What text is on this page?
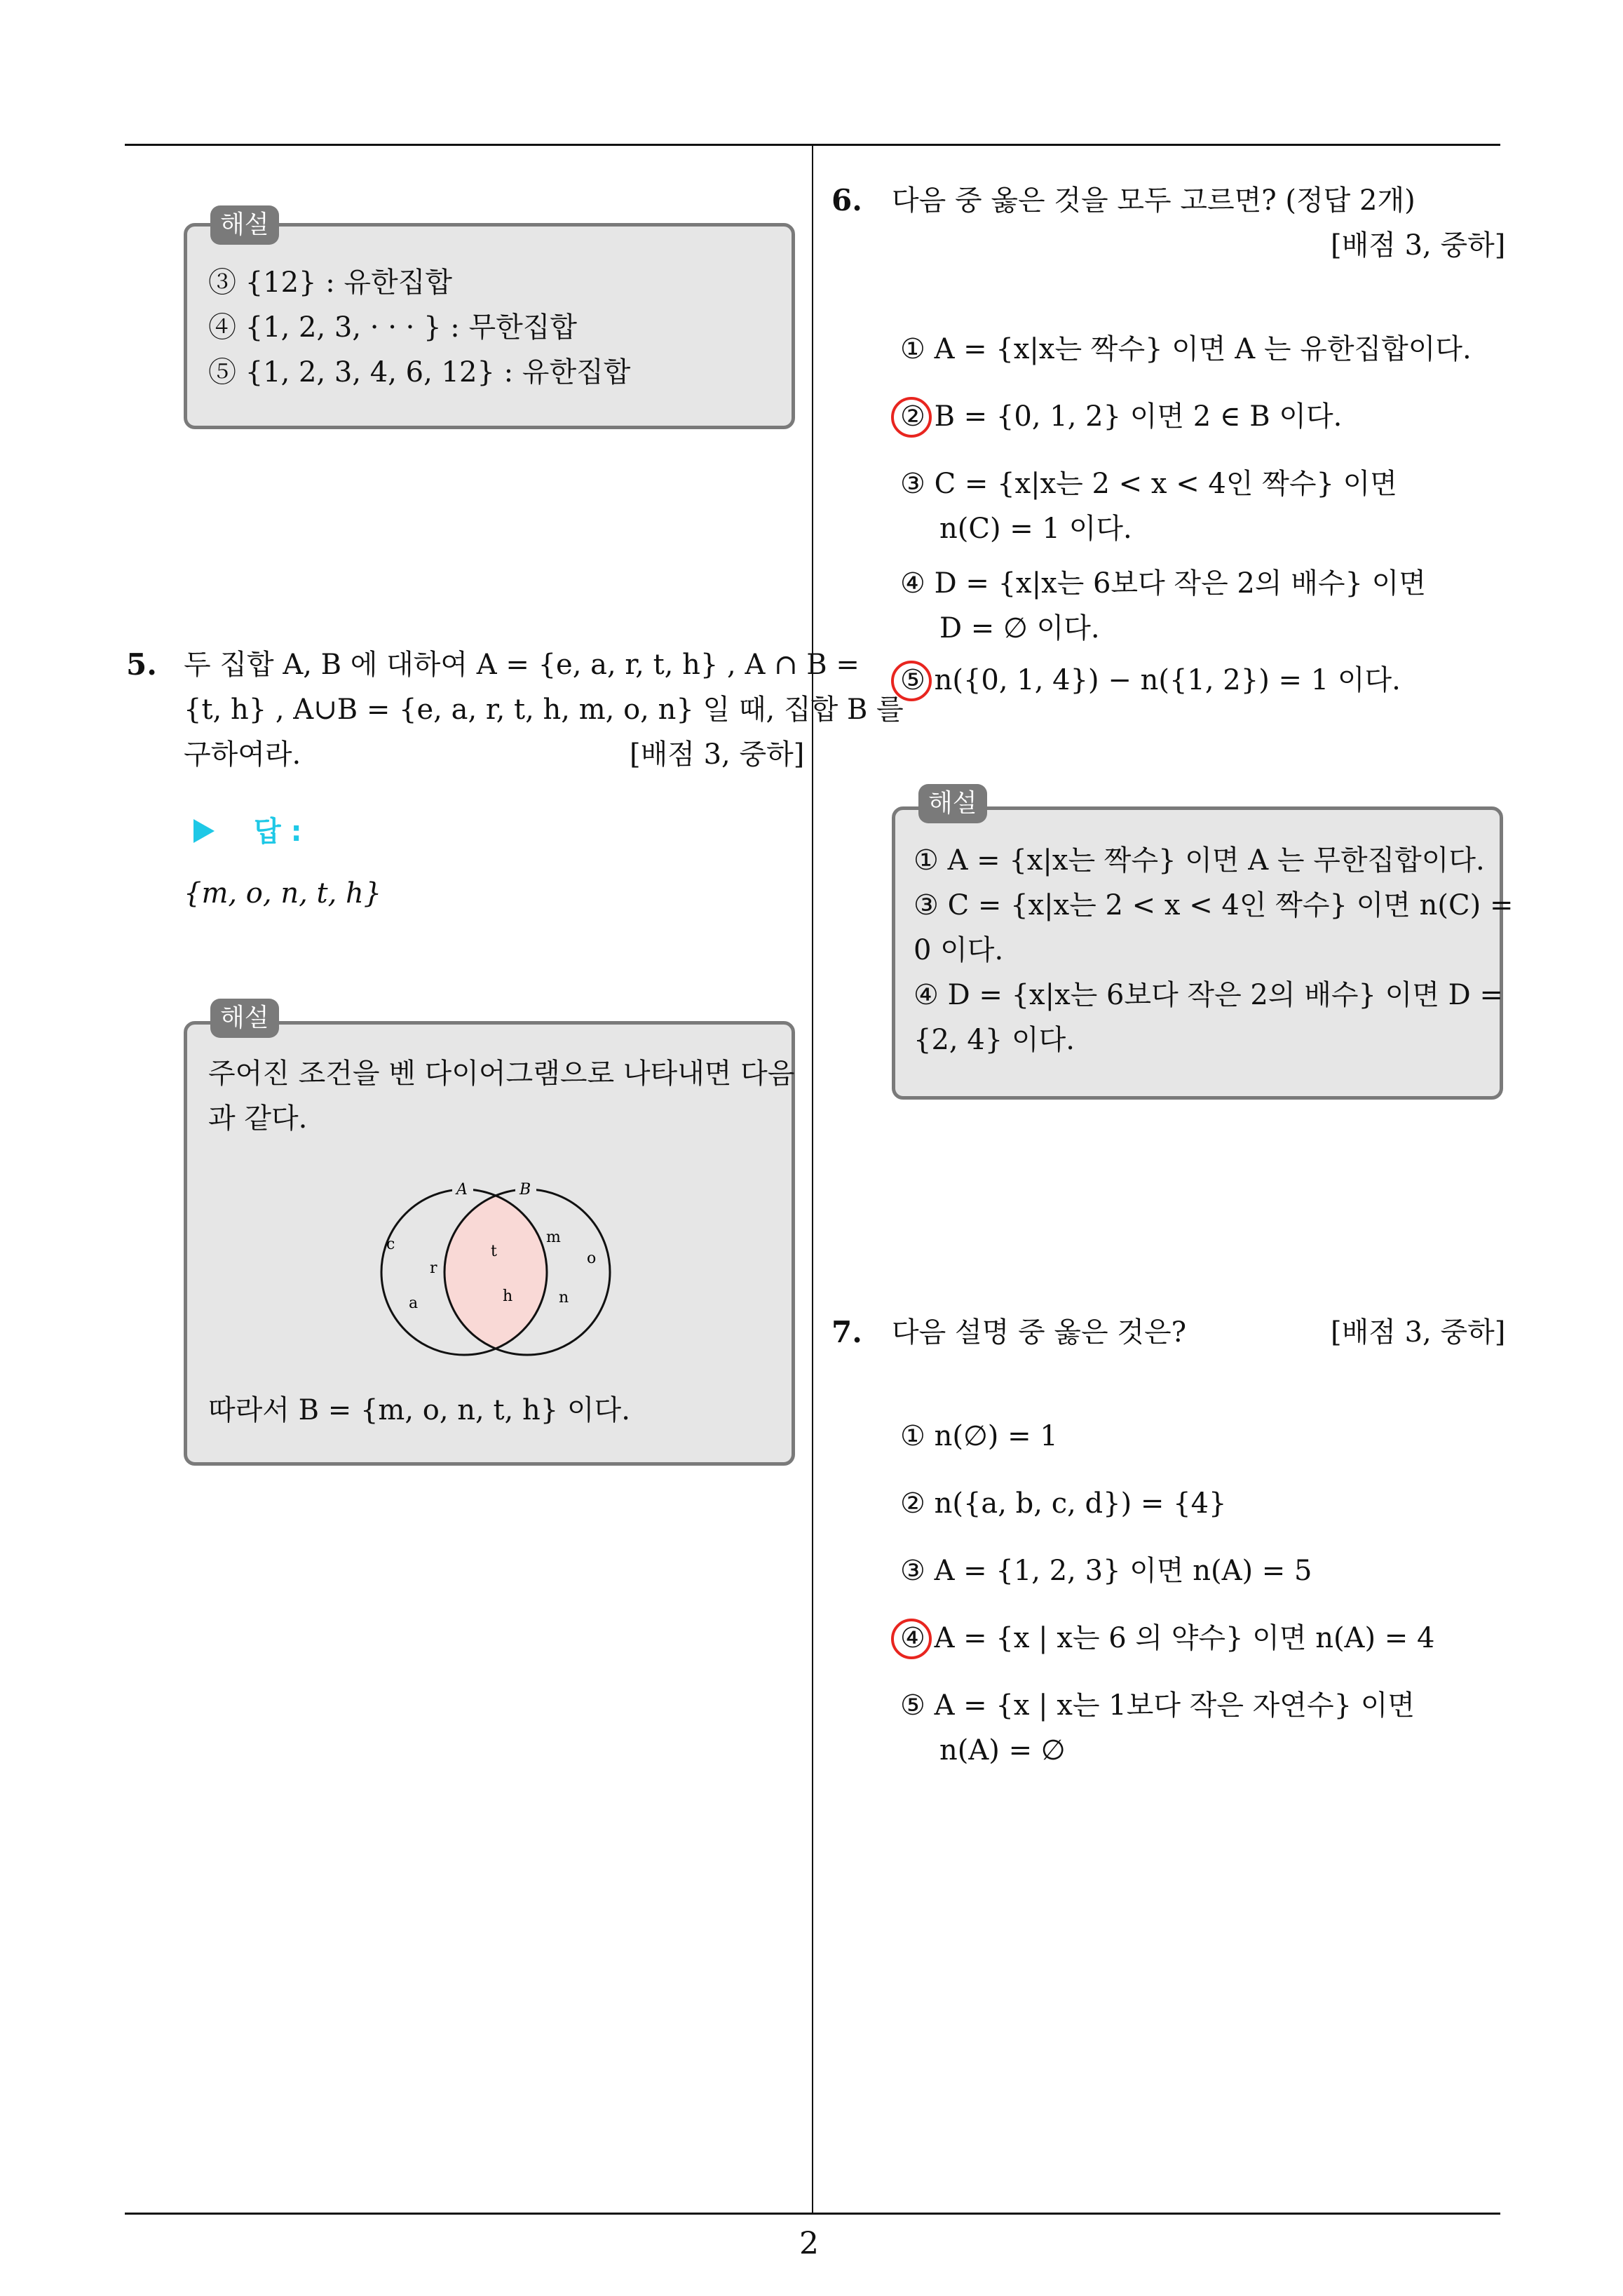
2
③ {12} : 유한집합
④ {1, 2, 3, · · · } : 무한집합
⑤ {1, 2, 3, 4, 6, 12} : 유한집합
해설
5. 두 집합 A, B 에 대하여 A = {e, a, r, t, h} , A ∩ B =
{t, h} , A∪B = {e, a, r, t, h, m, o, n} 일 때, 집합 B 를
구하여라.	[배점 3, 중하]
답 :
{m, o, n, t, h}
주어진 조건을 벤 다이어그램으로 나타내면 다음
과 같다.
A	B
c
r
a
t
h
m
o
n
따라서 B = {m, o, n, t, h} 이다.
해설
6. 다음 중 옳은 것을 모두 고르면? (정답 2개)
[배점 3, 중하]
① A = {x|x는 짝수} 이면 A 는 유한집합이다.
② B = {0, 1, 2} 이면 2 ∈ B 이다.
③ C = {x|x는 2 < x < 4인 짝수} 이면
n(C) = 1 이다.
④ D = {x|x는 6보다 작은 2의 배수} 이면
D = ∅ 이다.
⑤ n({0, 1, 4}) − n({1, 2}) = 1 이다.
① A = {x|x는 짝수} 이면 A 는 무한집합이다.
③ C = {x|x는 2 < x < 4인 짝수} 이면 n(C) =
0 이다.
④ D = {x|x는 6보다 작은 2의 배수} 이면 D =
{2, 4} 이다.
해설
7. 다음 설명 중 옳은 것은?	[배점 3, 중하]
① n(∅) = 1
② n({a, b, c, d}) = {4}
③ A = {1, 2, 3} 이면 n(A) = 5
④ A = {x | x는 6 의 약수} 이면 n(A) = 4
⑤ A = {x | x는 1보다 작은 자연수} 이면
n(A) = ∅
